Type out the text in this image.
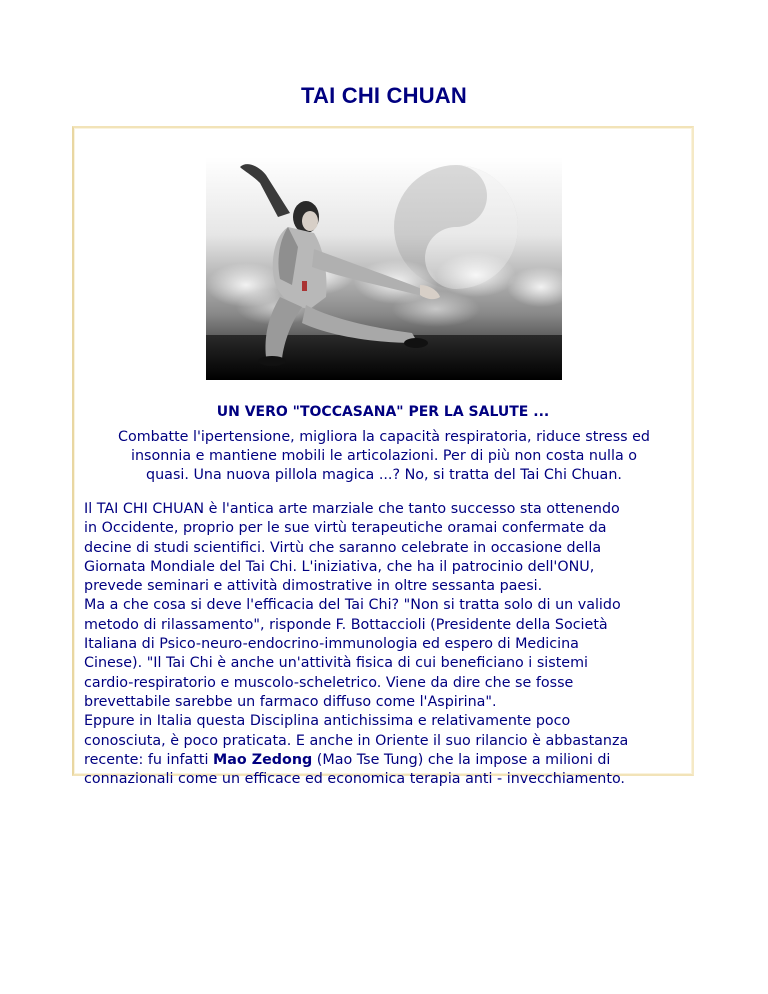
TAI CHI CHUAN
UN VERO "TOCCASANA" PER LA SALUTE ...
Combatte l'ipertensione, migliora la capacità respiratoria, riduce stress ed
insonnia e mantiene mobili le articolazioni. Per di più non costa nulla o
quasi. Una nuova pillola magica ...? No, si tratta del Tai Chi Chuan.
Il TAI CHI CHUAN è l'antica arte marziale che tanto successo sta ottenendo
in Occidente, proprio per le sue virtù terapeutiche oramai confermate da
decine di studi scientifici. Virtù che saranno celebrate in occasione della
Giornata Mondiale del Tai Chi. L'iniziativa, che ha il patrocinio dell'ONU,
prevede seminari e attività dimostrative in oltre sessanta paesi.
Ma a che cosa si deve l'efficacia del Tai Chi? "Non si tratta solo di un valido
metodo di rilassamento", risponde F. Bottaccioli (Presidente della Società
Italiana di Psico-neuro-endocrino-immunologia ed espero di Medicina
Cinese). "Il Tai Chi è anche un'attività fisica di cui beneficiano i sistemi
cardio-respiratorio e muscolo-scheletrico. Viene da dire che se fosse
brevettabile sarebbe un farmaco diffuso come l'Aspirina".
Eppure in Italia questa Disciplina antichissima e relativamente poco
conosciuta, è poco praticata. E anche in Oriente il suo rilancio è abbastanza
recente: fu infatti Mao Zedong (Mao Tse Tung) che la impose a milioni di
connazionali come un efficace ed economica terapia anti - invecchiamento.
